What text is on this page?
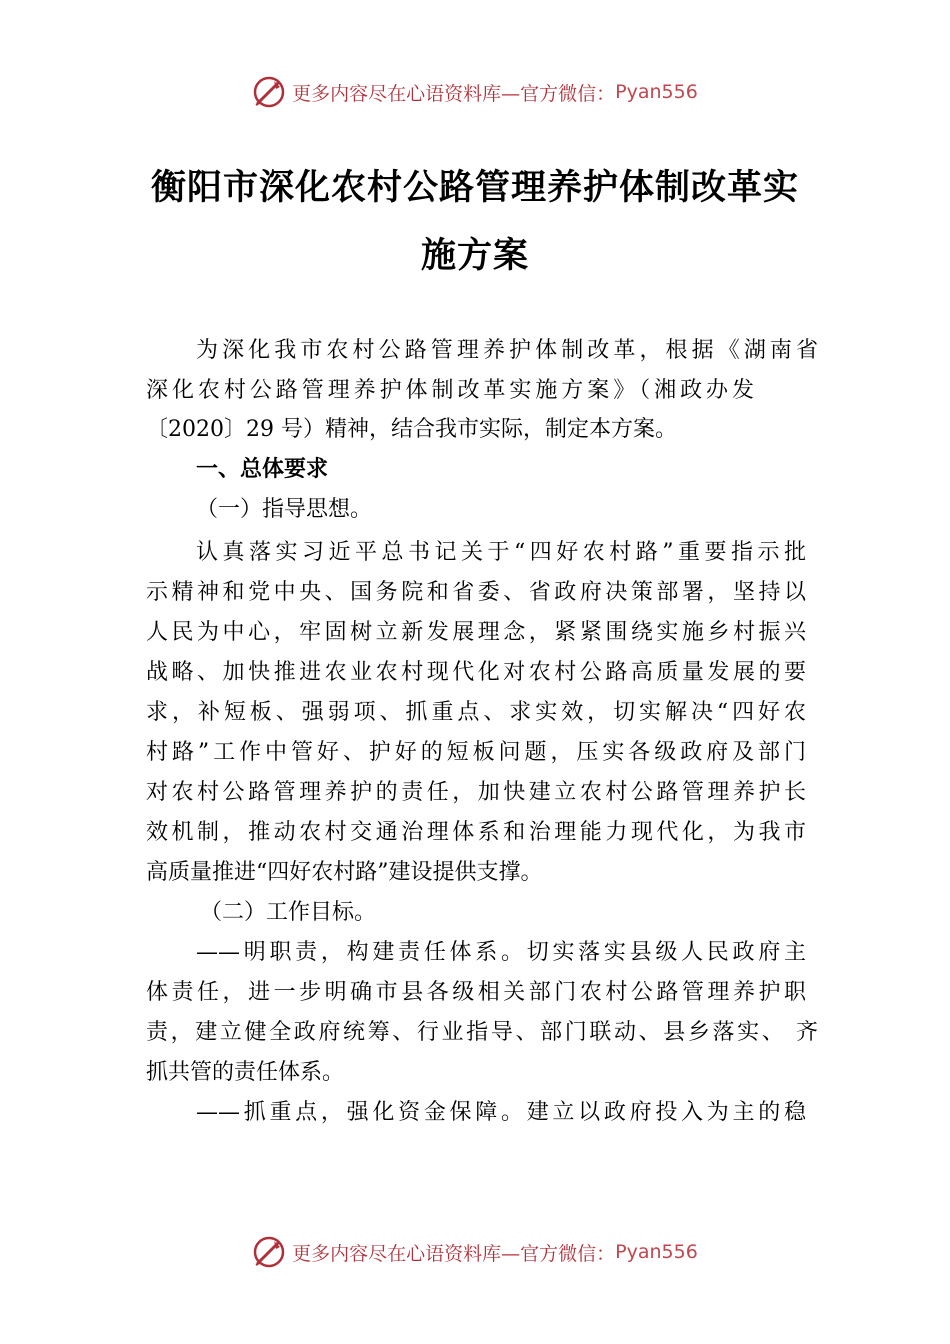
更多内容尽在心语资料库—官方微信： Pyan556
衡阳市深化农村公路管理养护体制改革实
施方案
为深化我市农村公路管理养护体制改革，根据《湖南省
深化农村公路管理养护体制改革实施方案》（湘政办发
〔2020〕29 号）精神，结合我市实际，制定本方案。
一、总体要求
（一）指导思想。
认真落实习近平总书记关于“四好农村路”重要指示批
示精神和党中央、国务院和省委、省政府决策部署，坚持以
人民为中心，牢固树立新发展理念，紧紧围绕实施乡村振兴
战略、加快推进农业农村现代化对农村公路高质量发展的要
求，补短板、强弱项、抓重点、求实效，切实解决“四好农
村路”工作中管好、护好的短板问题，压实各级政府及部门
对农村公路管理养护的责任，加快建立农村公路管理养护长
效机制，推动农村交通治理体系和治理能力现代化，为我市
高质量推进“四好农村路”建设提供支撑。
（二）工作目标。
——明职责，构建责任体系。切实落实县级人民政府主
体责任，进一步明确市县各级相关部门农村公路管理养护职
责，建立健全政府统筹、行业指导、部门联动、县乡落实、 齐
抓共管的责任体系。
——抓重点，强化资金保障。建立以政府投入为主的稳
更多内容尽在心语资料库—官方微信： Pyan556
